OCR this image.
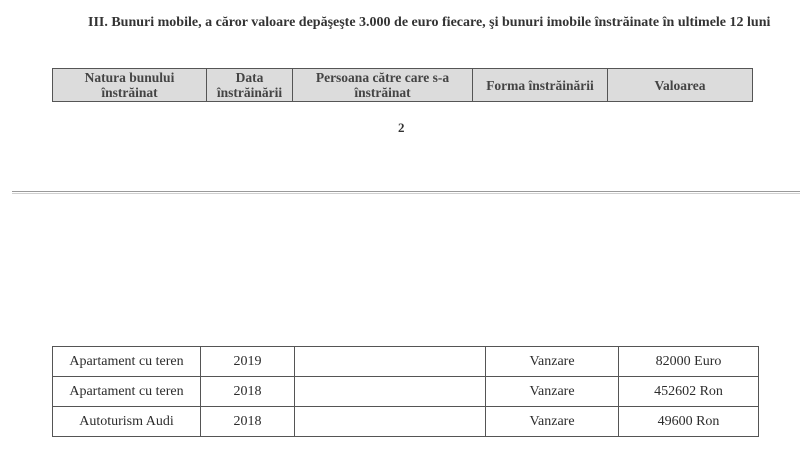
III. Bunuri mobile, a căror valoare depăşeşte 3.000 de euro fiecare, şi bunuri imobile înstrăinate în ultimele 12 luni
Natura bunului înstrăinat	Data înstrăinării	Persoana către care s-a înstrăinat	Forma înstrăinării	Valoarea
2
Apartament cu teren	2019		Vanzare	82000 Euro
Apartament cu teren	2018		Vanzare	452602 Ron
Autoturism Audi	2018		Vanzare	49600 Ron
